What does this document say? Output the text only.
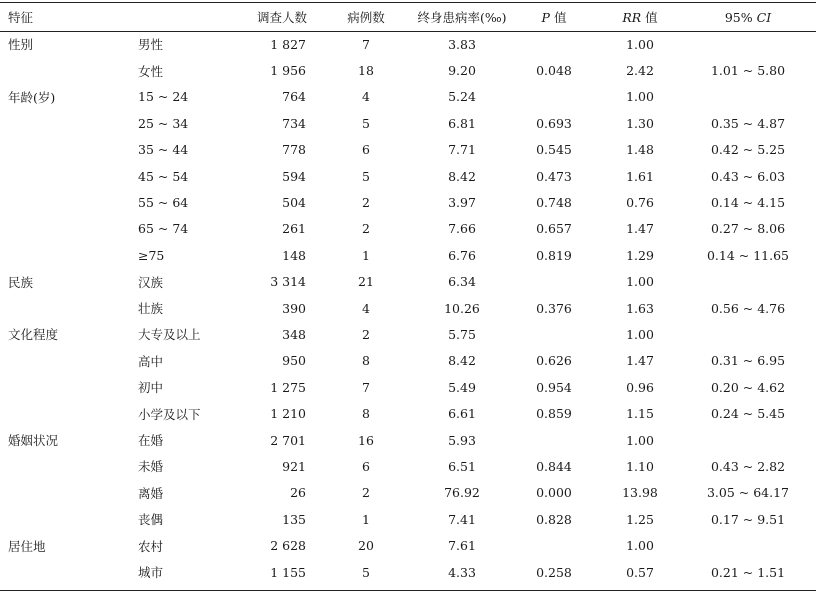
特征		调查人数	病例数	终身患病率(‰)	P 值	RR 值	95% CI
性别	男性	1 827	7	3.83		1.00	
	女性	1 956	18	9.20	0.048	2.42	1.01 ~ 5.80
年龄(岁)	15 ~ 24	764	4	5.24		1.00	
	25 ~ 34	734	5	6.81	0.693	1.30	0.35 ~ 4.87
	35 ~ 44	778	6	7.71	0.545	1.48	0.42 ~ 5.25
	45 ~ 54	594	5	8.42	0.473	1.61	0.43 ~ 6.03
	55 ~ 64	504	2	3.97	0.748	0.76	0.14 ~ 4.15
	65 ~ 74	261	2	7.66	0.657	1.47	0.27 ~ 8.06
	≥75	148	1	6.76	0.819	1.29	0.14 ~ 11.65
民族	汉族	3 314	21	6.34		1.00	
	壮族	390	4	10.26	0.376	1.63	0.56 ~ 4.76
文化程度	大专及以上	348	2	5.75		1.00	
	高中	950	8	8.42	0.626	1.47	0.31 ~ 6.95
	初中	1 275	7	5.49	0.954	0.96	0.20 ~ 4.62
	小学及以下	1 210	8	6.61	0.859	1.15	0.24 ~ 5.45
婚姻状况	在婚	2 701	16	5.93		1.00	
	未婚	921	6	6.51	0.844	1.10	0.43 ~ 2.82
	离婚	26	2	76.92	0.000	13.98	3.05 ~ 64.17
	丧偶	135	1	7.41	0.828	1.25	0.17 ~ 9.51
居住地	农村	2 628	20	7.61		1.00	
	城市	1 155	5	4.33	0.258	0.57	0.21 ~ 1.51
